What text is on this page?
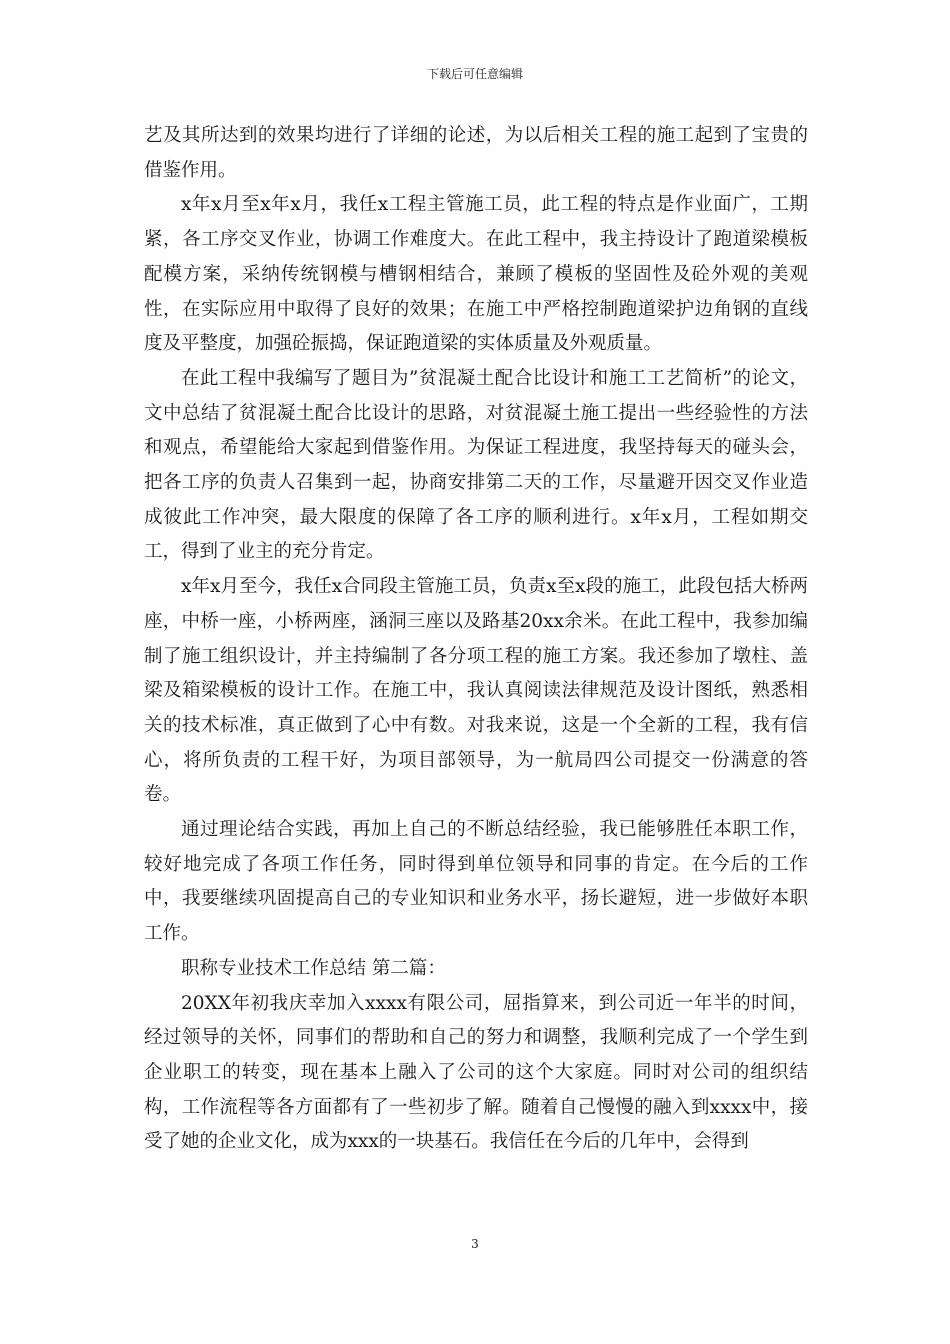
下载后可任意编辑

艺及其所达到的效果均进行了详细的论述，为以后相关工程的施工起到了宝贵的借鉴作用。

x年x月至x年x月，我任x工程主管施工员，此工程的特点是作业面广，工期紧，各工序交叉作业，协调工作难度大。在此工程中，我主持设计了跑道梁模板配模方案，采纳传统钢模与槽钢相结合，兼顾了模板的坚固性及砼外观的美观性，在实际应用中取得了良好的效果；在施工中严格控制跑道梁护边角钢的直线度及平整度，加强砼振捣，保证跑道梁的实体质量及外观质量。

在此工程中我编写了题目为”贫混凝土配合比设计和施工工艺简析”的论文，文中总结了贫混凝土配合比设计的思路，对贫混凝土施工提出一些经验性的方法和观点，希望能给大家起到借鉴作用。为保证工程进度，我坚持每天的碰头会，把各工序的负责人召集到一起，协商安排第二天的工作，尽量避开因交叉作业造成彼此工作冲突，最大限度的保障了各工序的顺利进行。x年x月，工程如期交工，得到了业主的充分肯定。

x年x月至今，我任x合同段主管施工员，负责x至x段的施工，此段包括大桥两座，中桥一座，小桥两座，涵洞三座以及路基20xx余米。在此工程中，我参加编制了施工组织设计，并主持编制了各分项工程的施工方案。我还参加了墩柱、盖梁及箱梁模板的设计工作。在施工中，我认真阅读法律规范及设计图纸，熟悉相关的技术标准，真正做到了心中有数。对我来说，这是一个全新的工程，我有信心，将所负责的工程干好，为项目部领导，为一航局四公司提交一份满意的答卷。

通过理论结合实践，再加上自己的不断总结经验，我已能够胜任本职工作，较好地完成了各项工作任务，同时得到单位领导和同事的肯定。在今后的工作中，我要继续巩固提高自己的专业知识和业务水平，扬长避短，进一步做好本职工作。

职称专业技术工作总结 第二篇：

20XX年初我庆幸加入xxxx有限公司，屈指算来，到公司近一年半的时间，经过领导的关怀，同事们的帮助和自己的努力和调整，我顺利完成了一个学生到企业职工的转变，现在基本上融入了公司的这个大家庭。同时对公司的组织结构，工作流程等各方面都有了一些初步了解。随着自己慢慢的融入到xxxx中，接受了她的企业文化，成为xxx的一块基石。我信任在今后的几年中，会得到

3
